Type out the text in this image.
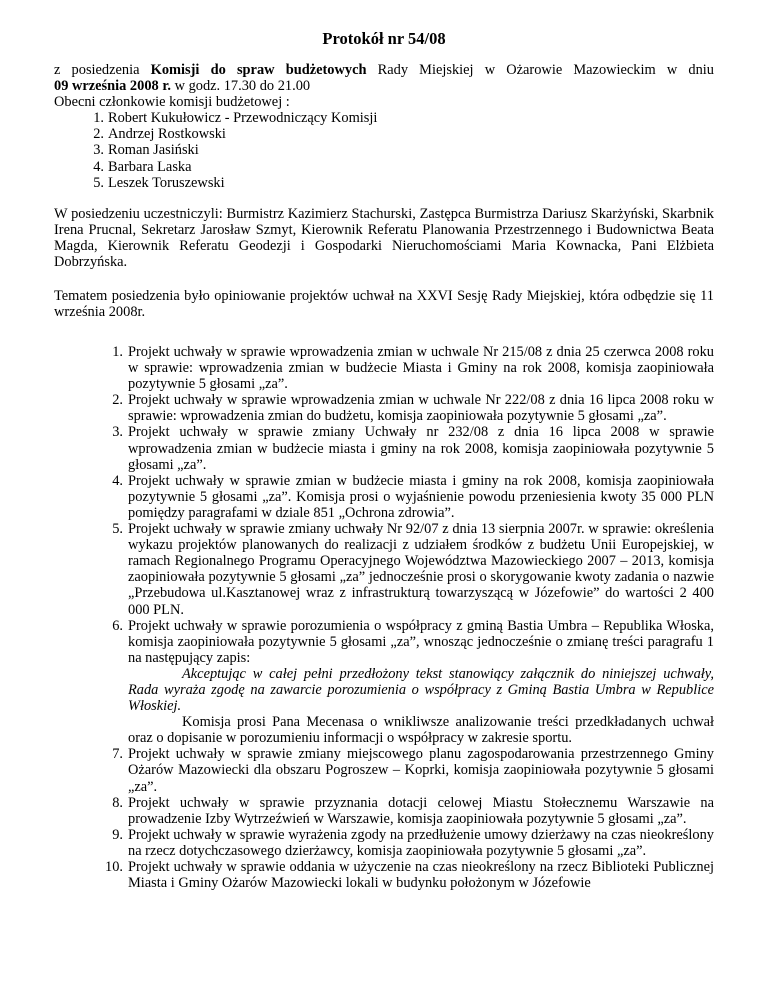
Protokół nr 54/08
z posiedzenia Komisji do spraw budżetowych Rady Miejskiej w Ożarowie Mazowieckim w dniu
09 września 2008 r. w godz. 17.30 do 21.00
Obecni członkowie komisji budżetowej :
1. Robert Kukułowicz - Przewodniczący Komisji
2. Andrzej Rostkowski
3. Roman Jasiński
4. Barbara Laska
5. Leszek Toruszewski
W posiedzeniu uczestniczyli: Burmistrz Kazimierz Stachurski, Zastępca Burmistrza Dariusz Skarżyński, Skarbnik Irena Prucnal, Sekretarz Jarosław Szmyt, Kierownik Referatu Planowania Przestrzennego i Budownictwa Beata Magda, Kierownik Referatu Geodezji i Gospodarki Nieruchomościami Maria Kownacka, Pani Elżbieta Dobrzyńska.
Tematem posiedzenia było opiniowanie projektów uchwał na XXVI Sesję Rady Miejskiej, która odbędzie się 11 września 2008r.
1. Projekt uchwały w sprawie wprowadzenia zmian w uchwale Nr 215/08 z dnia 25 czerwca 2008 roku w sprawie: wprowadzenia zmian w budżecie Miasta i Gminy na rok 2008, komisja zaopiniowała pozytywnie 5 głosami „za”.
2. Projekt uchwały w sprawie wprowadzenia zmian w uchwale Nr 222/08 z dnia 16 lipca 2008 roku w sprawie: wprowadzenia zmian do budżetu, komisja zaopiniowała pozytywnie 5 głosami „za”.
3. Projekt uchwały w sprawie zmiany Uchwały nr 232/08 z dnia 16 lipca 2008 w sprawie wprowadzenia zmian w budżecie miasta i gminy na rok 2008, komisja zaopiniowała pozytywnie 5 głosami „za”.
4. Projekt uchwały w sprawie zmian w budżecie miasta i gminy na rok 2008, komisja zaopiniowała pozytywnie 5 głosami „za”. Komisja prosi o wyjaśnienie powodu przeniesienia kwoty 35 000 PLN pomiędzy paragrafami w dziale 851 „Ochrona zdrowia”.
5. Projekt uchwały w sprawie zmiany uchwały Nr 92/07 z dnia 13 sierpnia 2007r. w sprawie: określenia wykazu projektów planowanych do realizacji z udziałem środków z budżetu Unii Europejskiej, w ramach Regionalnego Programu Operacyjnego Województwa Mazowieckiego 2007 – 2013, komisja zaopiniowała pozytywnie 5 głosami „za” jednocześnie prosi o skorygowanie kwoty zadania o nazwie „Przebudowa ul.Kasztanowej wraz z infrastrukturą towarzyszącą w Józefowie” do wartości 2 400 000 PLN.
6. Projekt uchwały w sprawie porozumienia o współpracy z gminą Bastia Umbra – Republika Włoska, komisja zaopiniowała pozytywnie 5 głosami „za”, wnosząc jednocześnie o zmianę treści paragrafu 1 na następujący zapis:
Akceptując w całej pełni przedłożony tekst stanowiący załącznik do niniejszej uchwały, Rada wyraża zgodę na zawarcie porozumienia o współpracy z Gminą Bastia Umbra w Republice Włoskiej.
Komisja prosi Pana Mecenasa o wnikliwsze analizowanie treści przedkładanych uchwał oraz o dopisanie w porozumieniu informacji o współpracy w zakresie sportu.
7. Projekt uchwały w sprawie zmiany miejscowego planu zagospodarowania przestrzennego Gminy Ożarów Mazowiecki dla obszaru Pogroszew – Koprki, komisja zaopiniowała pozytywnie 5 głosami „za”.
8. Projekt uchwały w sprawie przyznania dotacji celowej Miastu Stołecznemu Warszawie na prowadzenie Izby Wytrzeźwień w Warszawie, komisja zaopiniowała pozytywnie 5 głosami „za”.
9. Projekt uchwały w sprawie wyrażenia zgody na przedłużenie umowy dzierżawy na czas nieokreślony na rzecz dotychczasowego dzierżawcy, komisja zaopiniowała pozytywnie 5 głosami „za”.
10. Projekt uchwały w sprawie oddania w użyczenie na czas nieokreślony na rzecz Biblioteki Publicznej Miasta i Gminy Ożarów Mazowiecki lokali w budynku położonym w Józefowie
